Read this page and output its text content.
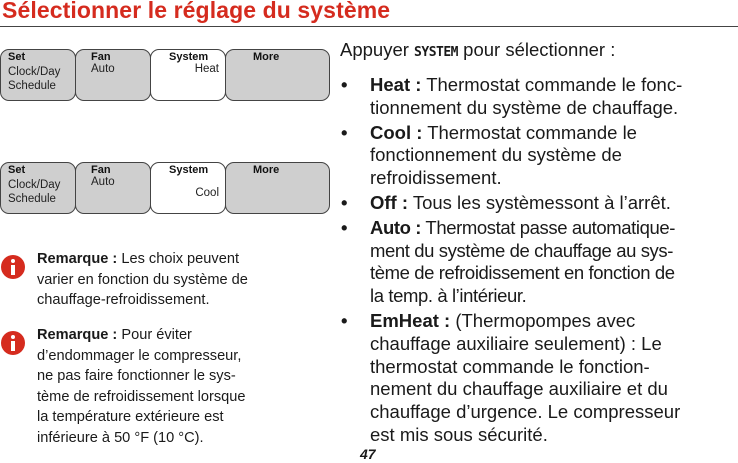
Sélectionner le réglage du système
Set
Clock/Day
Schedule
Fan
Auto
System
Heat
More
Set
Clock/Day
Schedule
Fan
Auto
System
Cool
More
Remarque : Les choix peuvent
varier en fonction du système de
chauffage-refroidissement.
Remarque : Pour éviter
d’endommager le compresseur,
ne pas faire fonctionner le sys-
tème de refroidissement lorsque
la température extérieure est
inférieure à 50 °F (10 °C).
Appuyer SYSTEM pour sélectionner :
• Heat : Thermostat commande le fonc-
tionnement du système de chauffage.
• Cool : Thermostat commande le
fonctionnement du système de
refroidissement.
• Off : Tous les systèmessont à l’arrêt.
• Auto : Thermostat passe automatique-
ment du système de chauffage au sys-
tème de refroidissement en fonction de
la temp. à l’intérieur.
• EmHeat : (Thermopompes avec
chauffage auxiliaire seulement) : Le
thermostat commande le fonction-
nement du chauffage auxiliaire et du
chauffage d’urgence. Le compresseur
est mis sous sécurité.
47
